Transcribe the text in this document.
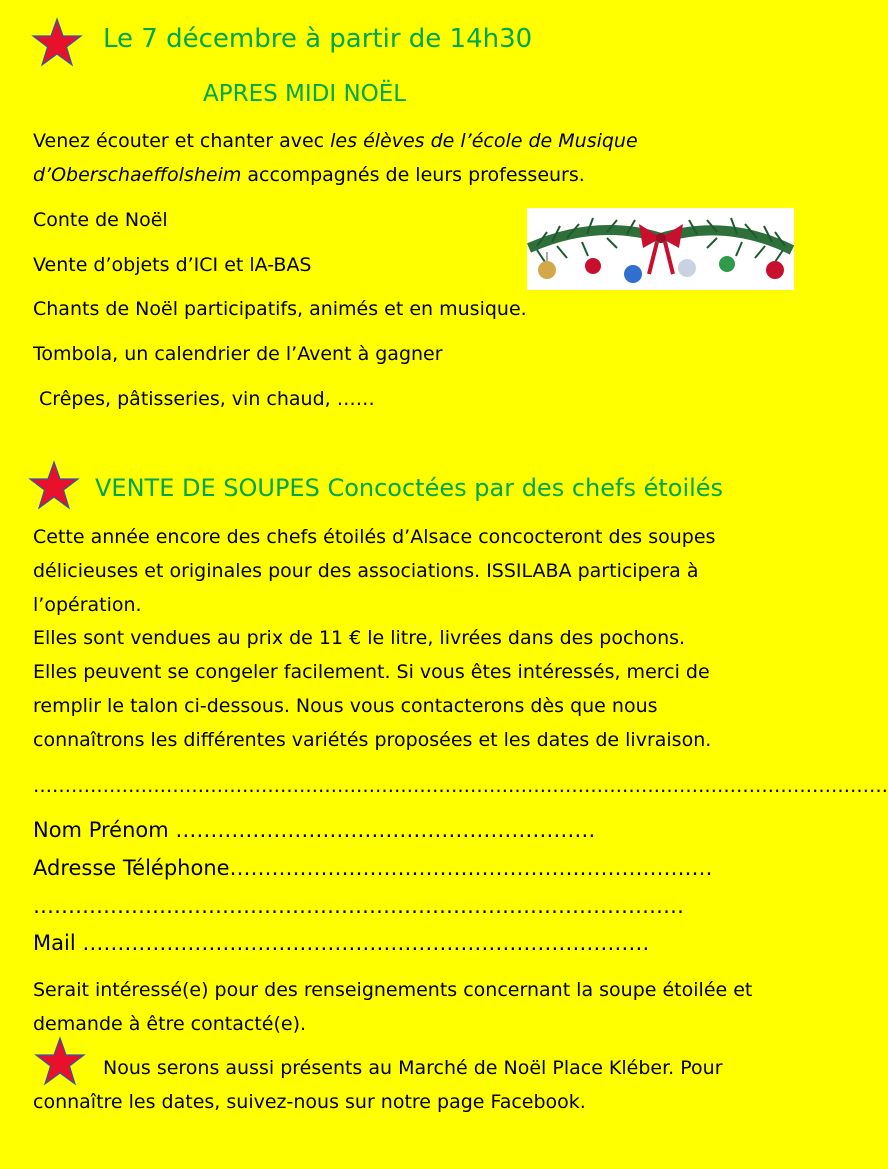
Le 7 décembre à partir de 14h30
APRES MIDI NOËL
Venez écouter et chanter avec les élèves de l’école de Musique
d’Oberschaeffolsheim accompagnés de leurs professeurs.
Conte de Noël
Vente d’objets d’ICI et lA-BAS
Chants de Noël participatifs, animés et en musique.
Tombola, un calendrier de l’Avent à gagner
Crêpes, pâtisseries, vin chaud, ……
VENTE DE SOUPES Concoctées par des chefs étoilés
Cette année encore des chefs étoilés d’Alsace concocteront des soupes
délicieuses et originales pour des associations. ISSILABA participera à
l’opération.
Elles sont vendues au prix de 11 € le litre, livrées dans des pochons.
Elles peuvent se congeler facilement. Si vous êtes intéressés, merci de
remplir le talon ci-dessous. Nous vous contacterons dès que nous
connaîtrons les différentes variétés proposées et les dates de livraison.
………………………………………………………………………………………………………………………
Nom Prénom ……………………………………………………
Adresse Téléphone……………………………………………………………
…………………………………………………………………………………
Mail ………………………………………………………………………
Serait intéressé(e) pour des renseignements concernant la soupe étoilée et
demande à être contacté(e).
Nous serons aussi présents au Marché de Noël Place Kléber. Pour
connaître les dates, suivez-nous sur notre page Facebook.
